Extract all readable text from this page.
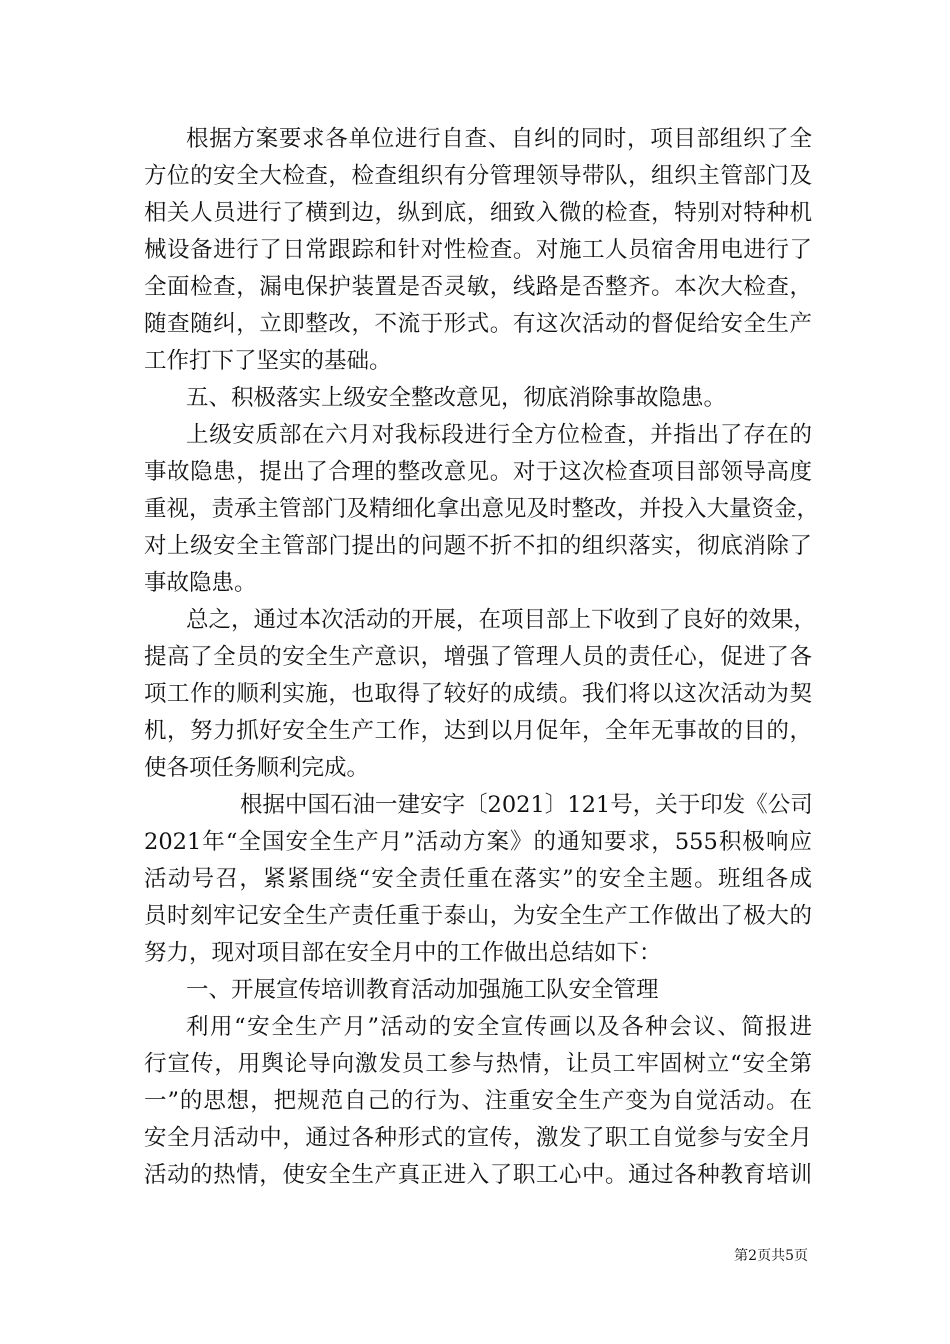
根据方案要求各单位进行自查、自纠的同时，项目部组织了全
方位的安全大检查，检查组织有分管理领导带队，组织主管部门及
相关人员进行了横到边，纵到底，细致入微的检查，特别对特种机
械设备进行了日常跟踪和针对性检查。对施工人员宿舍用电进行了
全面检查，漏电保护装置是否灵敏，线路是否整齐。本次大检查，
随查随纠，立即整改，不流于形式。有这次活动的督促给安全生产
工作打下了坚实的基础。
五、积极落实上级安全整改意见，彻底消除事故隐患。
上级安质部在六月对我标段进行全方位检查，并指出了存在的
事故隐患，提出了合理的整改意见。对于这次检查项目部领导高度
重视，责承主管部门及精细化拿出意见及时整改，并投入大量资金，
对上级安全主管部门提出的问题不折不扣的组织落实，彻底消除了
事故隐患。
总之，通过本次活动的开展，在项目部上下收到了良好的效果，
提高了全员的安全生产意识，增强了管理人员的责任心，促进了各
项工作的顺利实施，也取得了较好的成绩。我们将以这次活动为契
机，努力抓好安全生产工作，达到以月促年，全年无事故的目的，
使各项任务顺利完成。
根据中国石油一建安字〔2021〕121号，关于印发《公司
2021年“全国安全生产月”活动方案》的通知要求，555积极响应
活动号召，紧紧围绕“安全责任重在落实”的安全主题。班组各成
员时刻牢记安全生产责任重于泰山，为安全生产工作做出了极大的
努力，现对项目部在安全月中的工作做出总结如下：
一、开展宣传培训教育活动加强施工队安全管理
利用“安全生产月”活动的安全宣传画以及各种会议、简报进
行宣传，用舆论导向激发员工参与热情，让员工牢固树立“安全第
一”的思想，把规范自己的行为、注重安全生产变为自觉活动。在
安全月活动中，通过各种形式的宣传，激发了职工自觉参与安全月
活动的热情，使安全生产真正进入了职工心中。通过各种教育培训
第2页共5页
